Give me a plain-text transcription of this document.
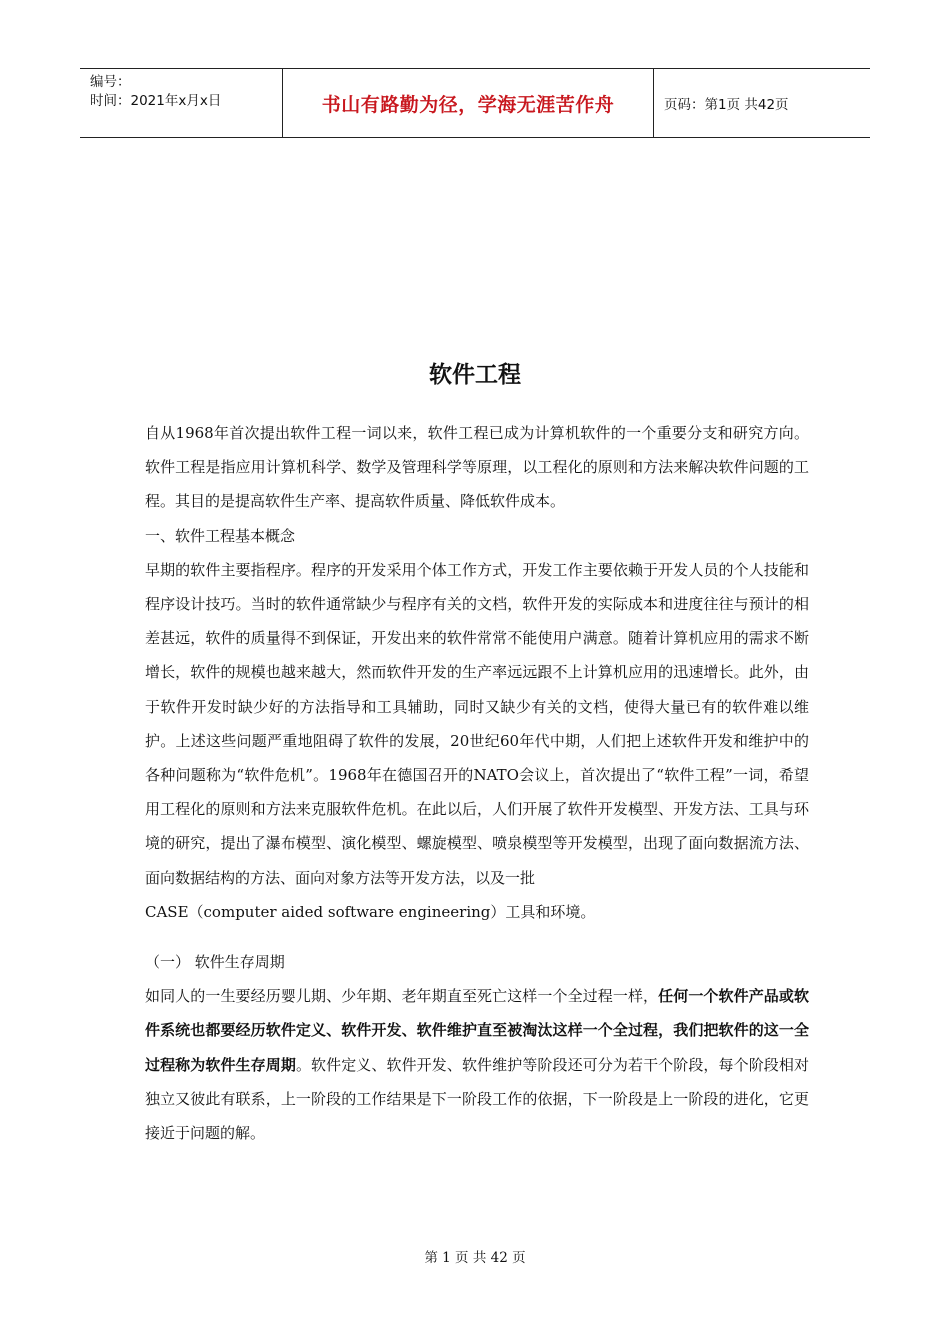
编号：
时间：2021年x月x日	书山有路勤为径，学海无涯苦作舟	页码：第1页 共42页
软件工程

自从1968年首次提出软件工程一词以来，软件工程已成为计算机软件的一个重要分支和研究方向。软件工程是指应用计算机科学、数学及管理科学等原理，以工程化的原则和方法来解决软件问题的工程。其目的是提高软件生产率、提高软件质量、降低软件成本。

一、软件工程基本概念

早期的软件主要指程序。程序的开发采用个体工作方式，开发工作主要依赖于开发人员的个人技能和程序设计技巧。当时的软件通常缺少与程序有关的文档，软件开发的实际成本和进度往往与预计的相差甚远，软件的质量得不到保证，开发出来的软件常常不能使用户满意。随着计算机应用的需求不断增长，软件的规模也越来越大，然而软件开发的生产率远远跟不上计算机应用的迅速增长。此外，由于软件开发时缺少好的方法指导和工具辅助，同时又缺少有关的文档，使得大量已有的软件难以维护。上述这些问题严重地阻碍了软件的发展，20世纪60年代中期，人们把上述软件开发和维护中的各种问题称为“软件危机”。1968年在德国召开的NATO会议上，首次提出了“软件工程”一词，希望用工程化的原则和方法来克服软件危机。在此以后，人们开展了软件开发模型、开发方法、工具与环境的研究，提出了瀑布模型、演化模型、螺旋模型、喷泉模型等开发模型，出现了面向数据流方法、面向数据结构的方法、面向对象方法等开发方法，以及一批

CASE（computer aided software engineering）工具和环境。

（一） 软件生存周期

如同人的一生要经历婴儿期、少年期、老年期直至死亡这样一个全过程一样，任何一个软件产品或软件系统也都要经历软件定义、软件开发、软件维护直至被淘汰这样一个全过程，我们把软件的这一全过程称为软件生存周期。软件定义、软件开发、软件维护等阶段还可分为若干个阶段，每个阶段相对独立又彼此有联系，上一阶段的工作结果是下一阶段工作的依据，下一阶段是上一阶段的进化，它更接近于问题的解。

第 1 页 共 42 页
